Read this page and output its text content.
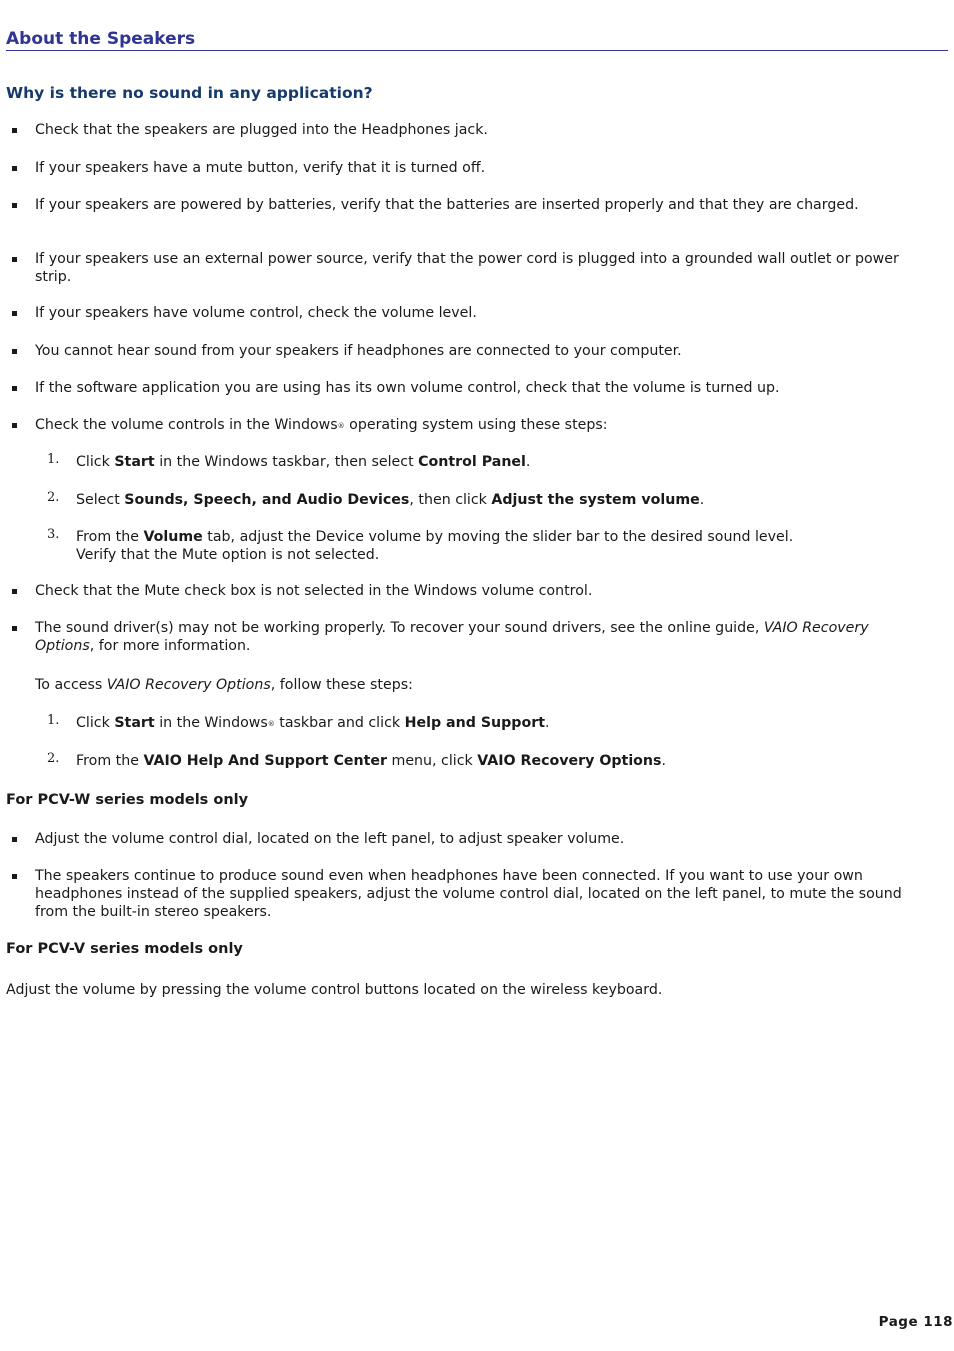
About the Speakers
Why is there no sound in any application?
Check that the speakers are plugged into the Headphones jack.
If your speakers have a mute button, verify that it is turned off.
If your speakers are powered by batteries, verify that the batteries are inserted properly and that they are charged.
If your speakers use an external power source, verify that the power cord is plugged into a grounded wall outlet or power strip.
If your speakers have volume control, check the volume level.
You cannot hear sound from your speakers if headphones are connected to your computer.
If the software application you are using has its own volume control, check that the volume is turned up.
Check the volume controls in the Windows® operating system using these steps:
1. Click Start in the Windows taskbar, then select Control Panel.
2. Select Sounds, Speech, and Audio Devices, then click Adjust the system volume.
3. From the Volume tab, adjust the Device volume by moving the slider bar to the desired sound level.
Verify that the Mute option is not selected.
Check that the Mute check box is not selected in the Windows volume control.
The sound driver(s) may not be working properly. To recover your sound drivers, see the online guide, VAIO Recovery Options, for more information.
To access VAIO Recovery Options, follow these steps:
1. Click Start in the Windows® taskbar and click Help and Support.
2. From the VAIO Help And Support Center menu, click VAIO Recovery Options.
For PCV-W series models only
Adjust the volume control dial, located on the left panel, to adjust speaker volume.
The speakers continue to produce sound even when headphones have been connected. If you want to use your own headphones instead of the supplied speakers, adjust the volume control dial, located on the left panel, to mute the sound from the built-in stereo speakers.
For PCV-V series models only
Adjust the volume by pressing the volume control buttons located on the wireless keyboard.
Page 118
